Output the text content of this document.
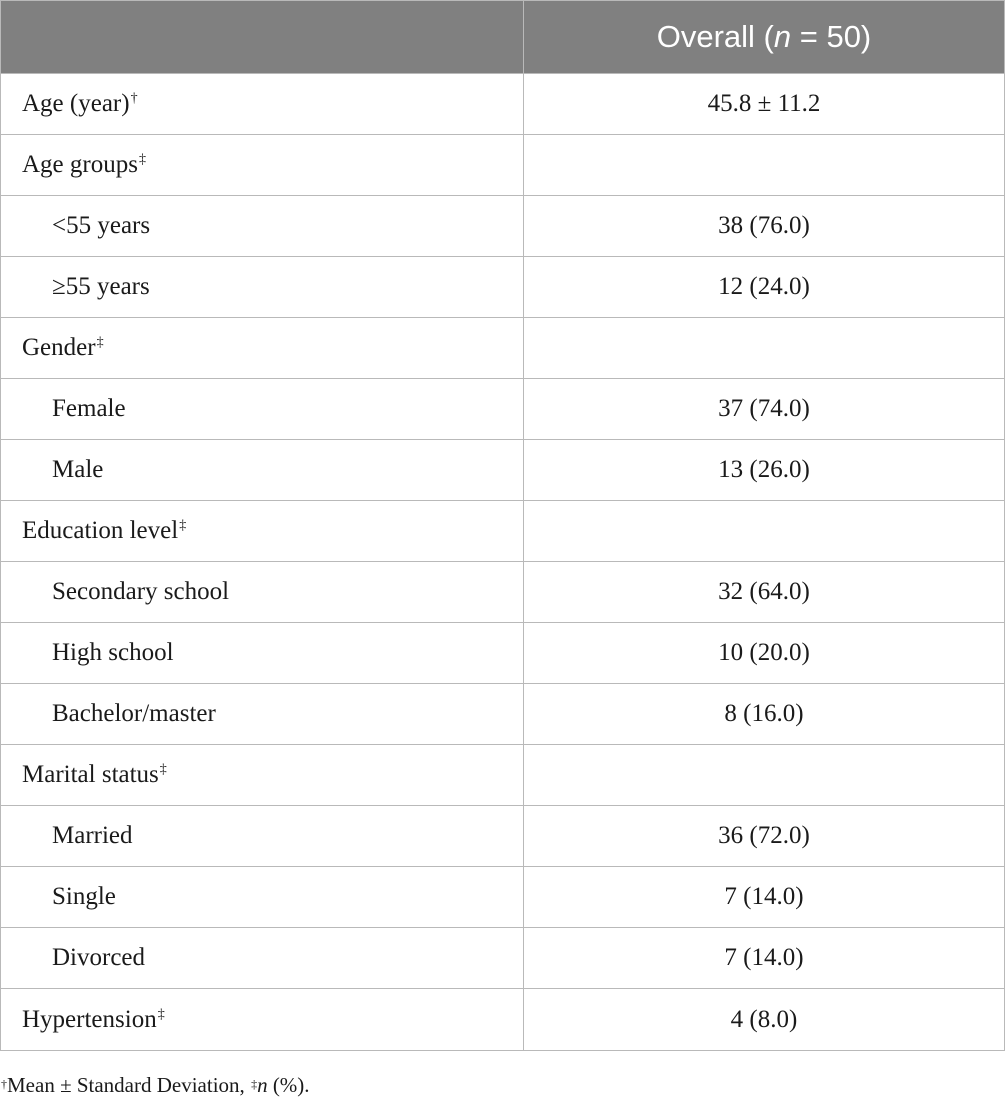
	Overall (n = 50)
Age (year)†	45.8 ± 11.2
Age groups‡	
<55 years	38 (76.0)
≥55 years	12 (24.0)
Gender‡	
Female	37 (74.0)
Male	13 (26.0)
Education level‡	
Secondary school	32 (64.0)
High school	10 (20.0)
Bachelor/master	8 (16.0)
Marital status‡	
Married	36 (72.0)
Single	7 (14.0)
Divorced	7 (14.0)
Hypertension‡	4 (8.0)
†Mean ± Standard Deviation, ‡n (%).
